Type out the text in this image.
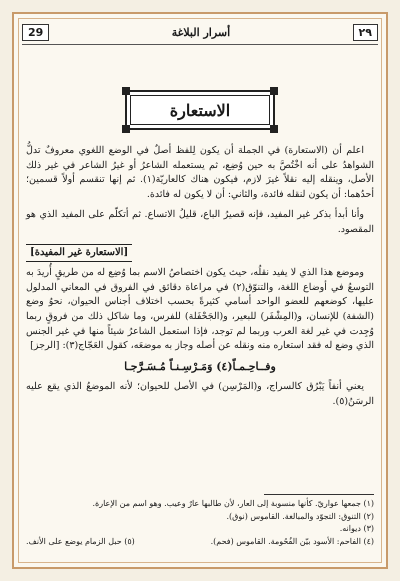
29	أسرار البلاغة	٢٩
الاستعارة

اعلم أن (الاستعارة) في الجملة أن يكون لِلفظ أصلٌ في الوضع اللغوي معروفٌ تدلُّ الشواهدُ على أنه اخْتُصَّ به حين وُضِع، ثم يستعمله الشاعرُ أو غيرُ الشاعر في غير ذلك الأصل، وينقله إليه نقلاً غيرَ لازم، فيكون هناك كالعاريّة(١). ثم إنها تنقسم أولاً قسمين؛ أحدُهما: أن يكون لنقله فائدة، والثاني: أن لا يكون له فائدة.

وأنا أبدأ بذكر غير المفيد، فإنه قصيرُ الباع، قليلُ الاتساع. ثم أتكلّم على المفيد الذي هو المقصود.

[الاستعارة غير المفيدة]

وموضع هذا الذي لا يفيد نقلُه، حيث يكون اختصاصُ الاسم بما وُضِع له من طريقٍ أُريدَ به التوسعُ في أوضاع اللغة، والتنوّق(٢) في مراعاة دقائق في الفروق في المعاني المدلول عليها، كوضعهم للعضو الواحد أسامي كثيرةً بحسب اختلاف أجناس الحيوان، نحوُ وضع (الشفة) للإنسان، و(المِشْفَر) للبعير، و(الجَحْفَلة) للفرس، وما شاكل ذلك من فروقٍ ربما وُجِدت في غير لغة العرب وربما لم توجد، فإذا استعمل الشاعرُ شيئاً منها في غير الجنس الذي وضع له فقد استعاره منه ونقله عن أصله وجاز به موضعَه، كقول العَجّاج(٣): [الرجز]

وفــاحِـمـاً(٤) وَمَـرْسِـنـاً مُـسَـرَّجـا

يعني أنفاً يَبْرُق كالسراج، و(المَرْسِن) في الأصل للحيوان؛ لأنه الموضعُ الذي يقع عليه الرسَنُ(٥).

(١) جمعها عواريّ. كأنها منسوبة إلى العار، لأن طالبها عارٌ وعيب. وهو اسم من الإعارة.
(٢) التنوق: التجوّد والمبالغة. القاموس (نوق).
(٣) ديوانه.
(٤) الفاحم: الأسود بيّن الفُحُومة. القاموس (فحم).
(٥) حبل الزمام يوضع على الأنف.
